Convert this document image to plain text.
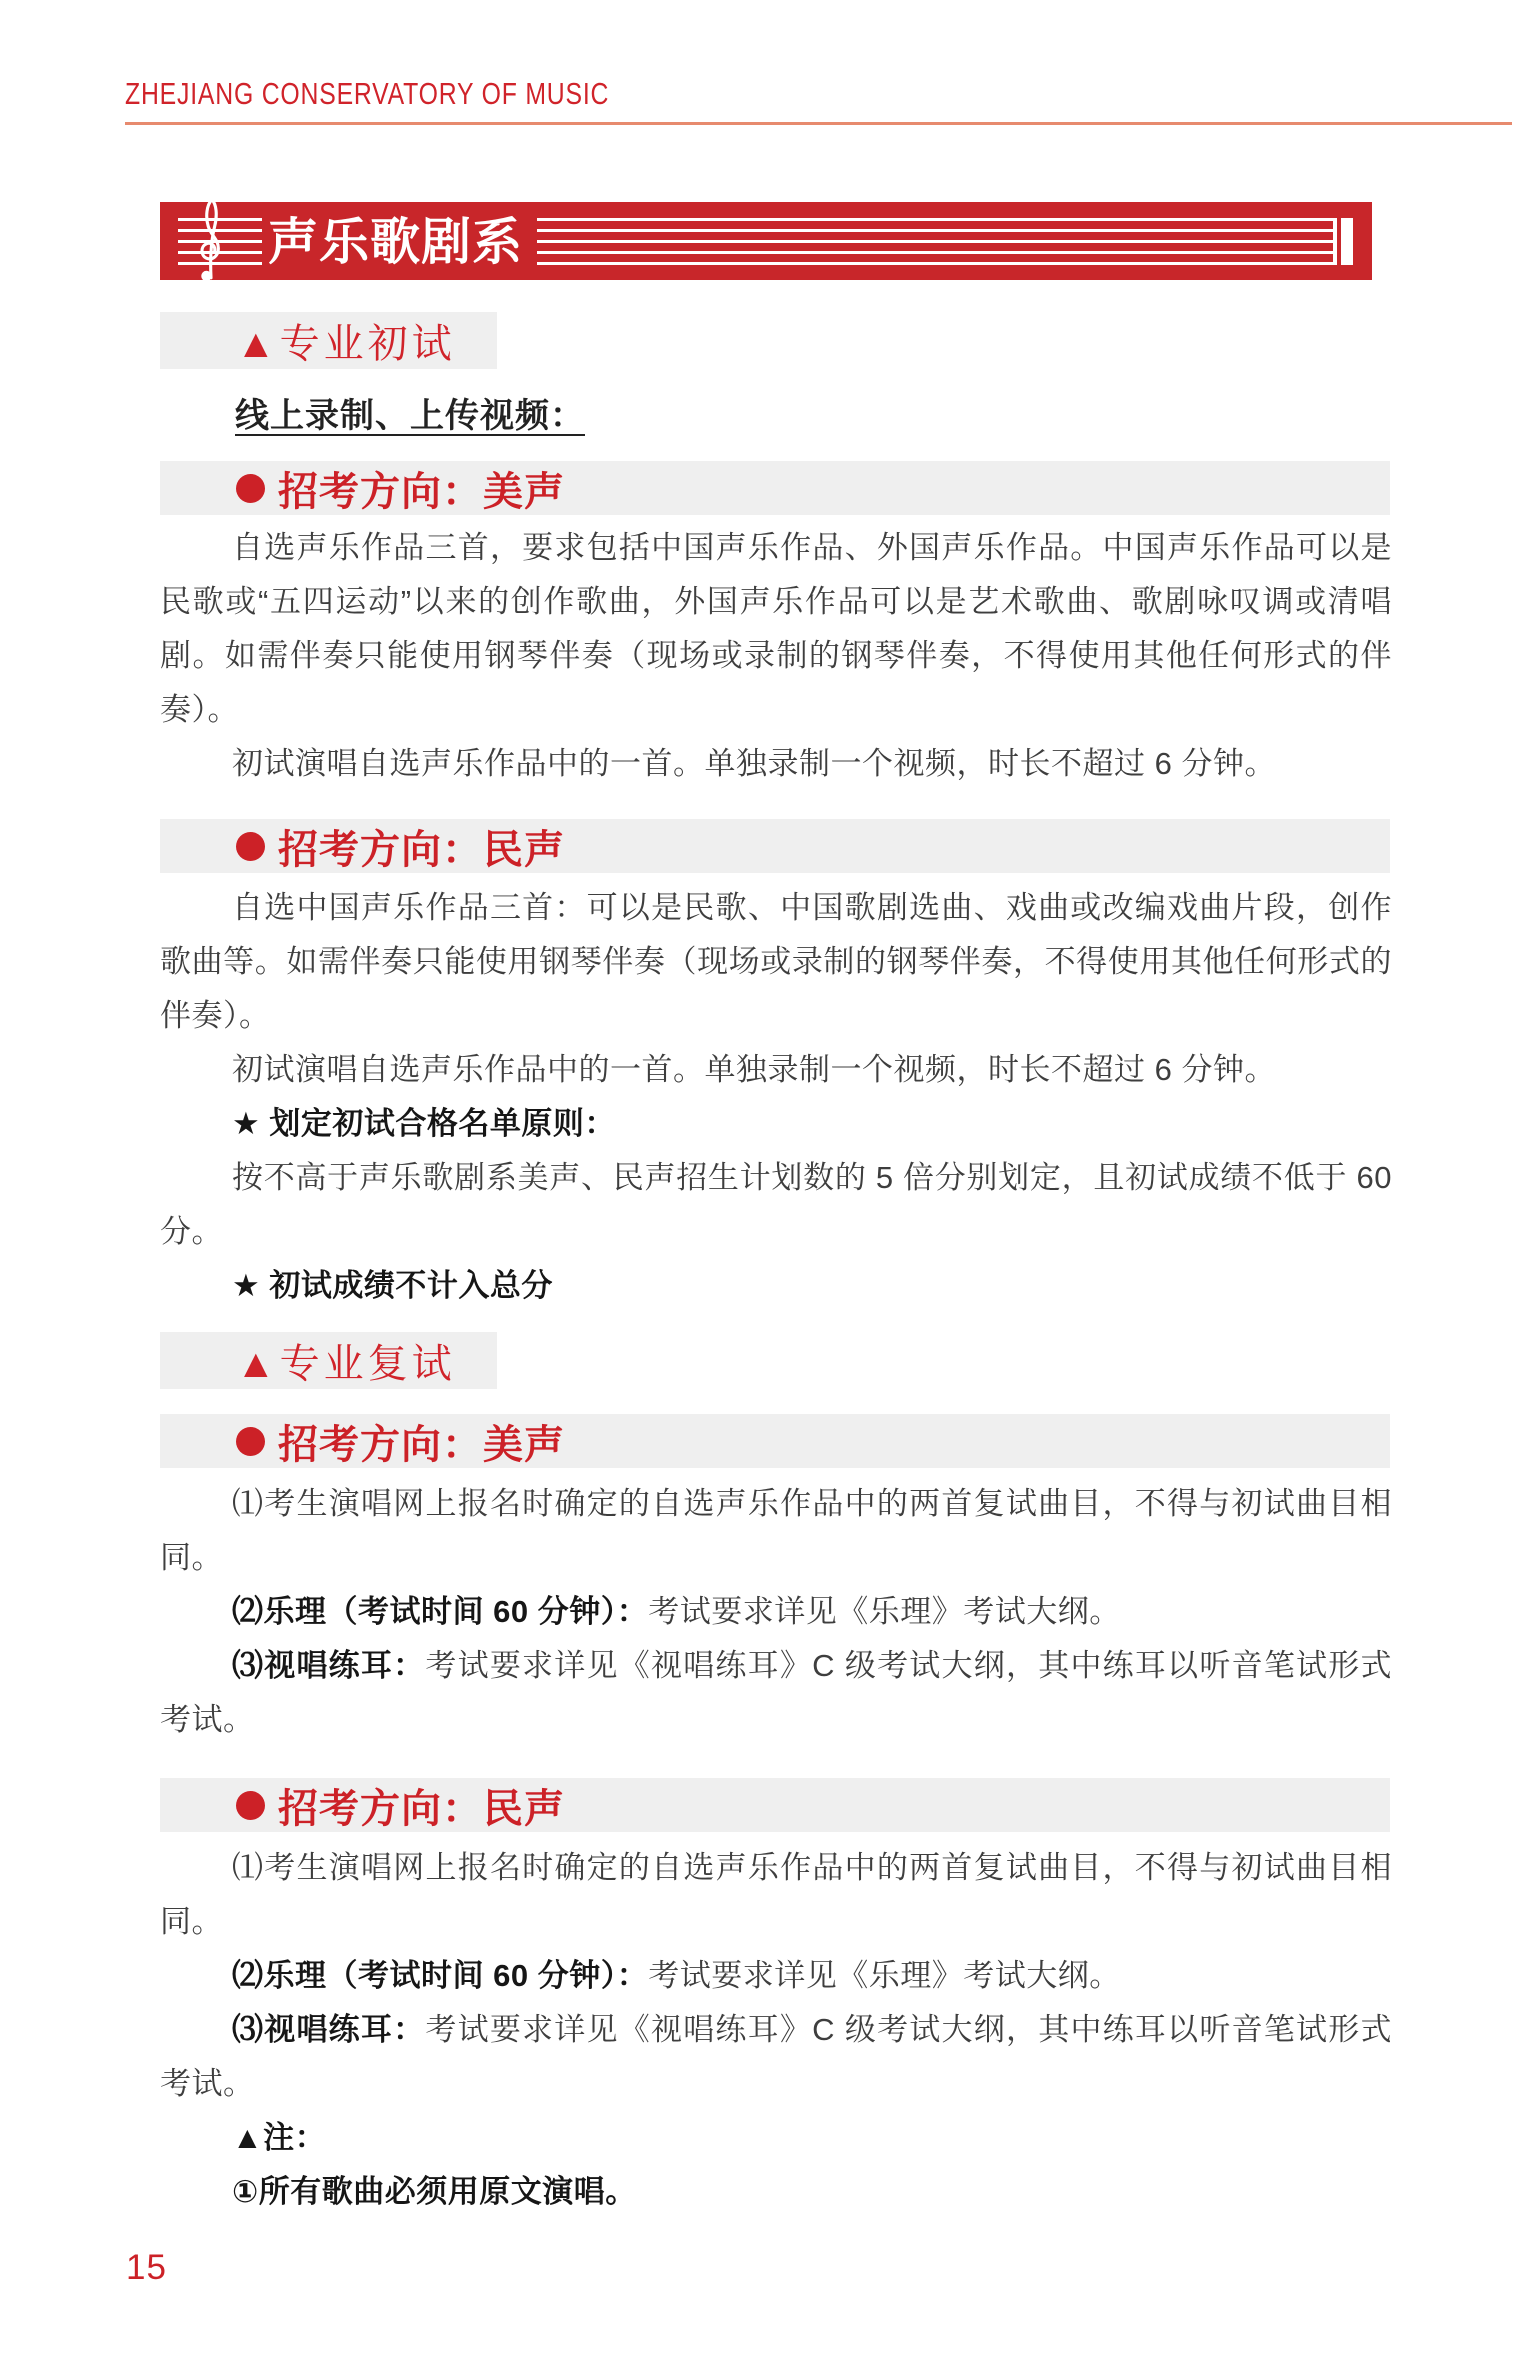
ZHEJIANG CONSERVATORY OF MUSIC
声乐歌剧系
▲专业初试
线上录制、上传视频：
招考方向：美声

自选声乐作品三首，要求包括中国声乐作品、外国声乐作品。中国声乐作品可以是民歌或“五四运动”以来的创作歌曲，外国声乐作品可以是艺术歌曲、歌剧咏叹调或清唱剧。如需伴奏只能使用钢琴伴奏（现场或录制的钢琴伴奏，不得使用其他任何形式的伴奏）。

初试演唱自选声乐作品中的一首。单独录制一个视频，时长不超过 6 分钟。

招考方向：民声

自选中国声乐作品三首：可以是民歌、中国歌剧选曲、戏曲或改编戏曲片段，创作歌曲等。如需伴奏只能使用钢琴伴奏（现场或录制的钢琴伴奏，不得使用其他任何形式的伴奏）。

初试演唱自选声乐作品中的一首。单独录制一个视频，时长不超过 6 分钟。

★ 划定初试合格名单原则：

按不高于声乐歌剧系美声、民声招生计划数的 5 倍分别划定，且初试成绩不低于 60 分。

★ 初试成绩不计入总分
▲专业复试
招考方向：美声

⑴考生演唱网上报名时确定的自选声乐作品中的两首复试曲目，不得与初试曲目相同。

⑵乐理（考试时间 60 分钟）：考试要求详见《乐理》考试大纲。

⑶视唱练耳：考试要求详见《视唱练耳》C 级考试大纲，其中练耳以听音笔试形式考试。

招考方向：民声

⑴考生演唱网上报名时确定的自选声乐作品中的两首复试曲目，不得与初试曲目相同。

⑵乐理（考试时间 60 分钟）：考试要求详见《乐理》考试大纲。

⑶视唱练耳：考试要求详见《视唱练耳》C 级考试大纲，其中练耳以听音笔试形式考试。

▲注：
①所有歌曲必须用原文演唱。
15
